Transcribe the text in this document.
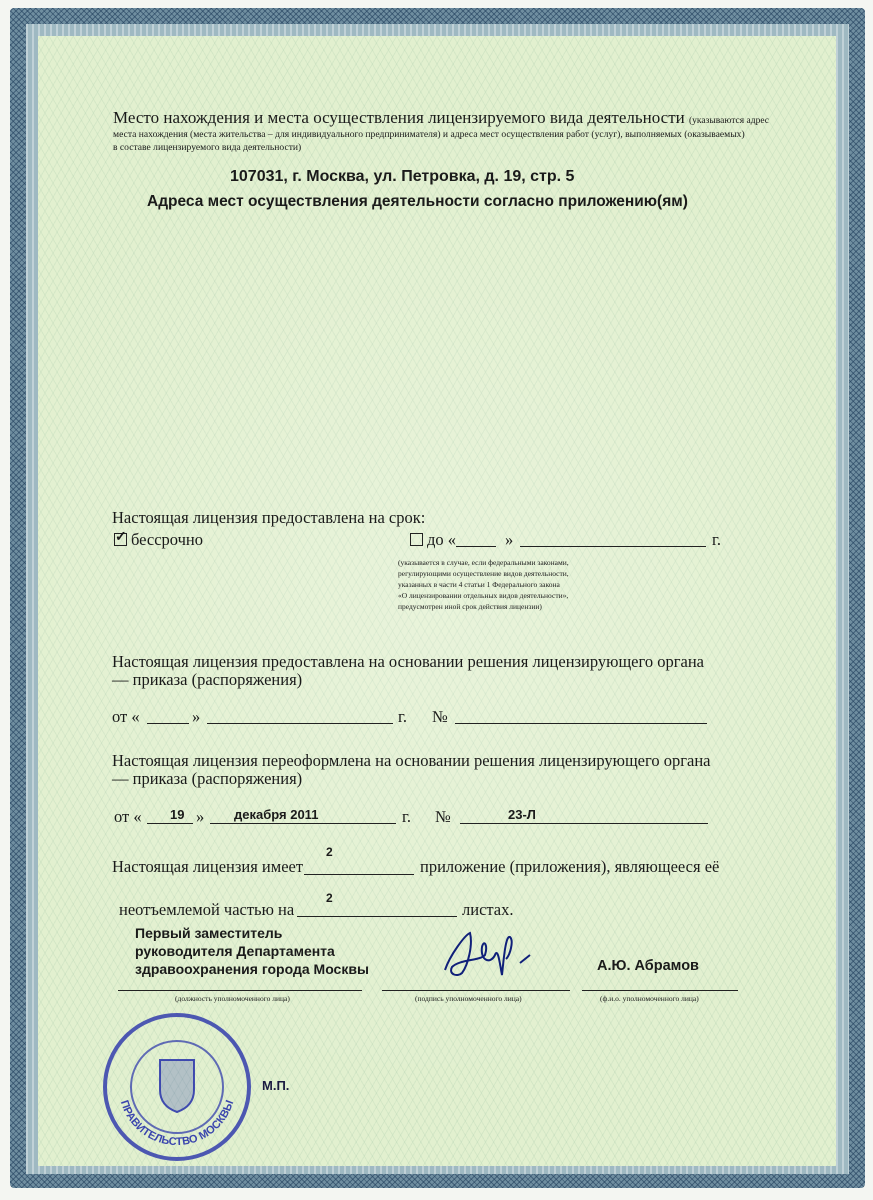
Место нахождения и места осуществления лицензируемого вида деятельности (указываются адрес
места нахождения (места жительства – для индивидуального предпринимателя) и адреса мест осуществления работ (услуг), выполняемых (оказываемых)
в составе лицензируемого вида деятельности)
107031, г. Москва, ул. Петровка, д. 19, стр. 5
Адреса мест осуществления деятельности согласно приложению(ям)
Настоящая лицензия предоставлена на срок:
✓бессрочно	до «	»	г.
(указывается в случае, если федеральными законами,
регулирующими осуществление видов деятельности,
указанных в части 4 статьи 1 Федерального закона
«О лицензировании отдельных видов деятельности»,
предусмотрен иной срок действия лицензии)
Настоящая лицензия предоставлена на основании решения лицензирующего органа
— приказа (распоряжения)
от «	»	г. №
Настоящая лицензия переоформлена на основании решения лицензирующего органа
— приказа (распоряжения)
от « 19 » декабря 2011	г. №	23-Л
Настоящая лицензия имеет
2
приложение (приложения), являющееся её
неотъемлемой частью на
2
листах.
ПРАВИТЕЛЬСТВО МОСКВЫ
Первый заместитель
руководителя Департамента
здравоохранения города Москвы
(должность уполномоченного лица)	(подпись уполномоченного лица)
А.Ю. Абрамов
(ф.и.о. уполномоченного лица)
М.П.
